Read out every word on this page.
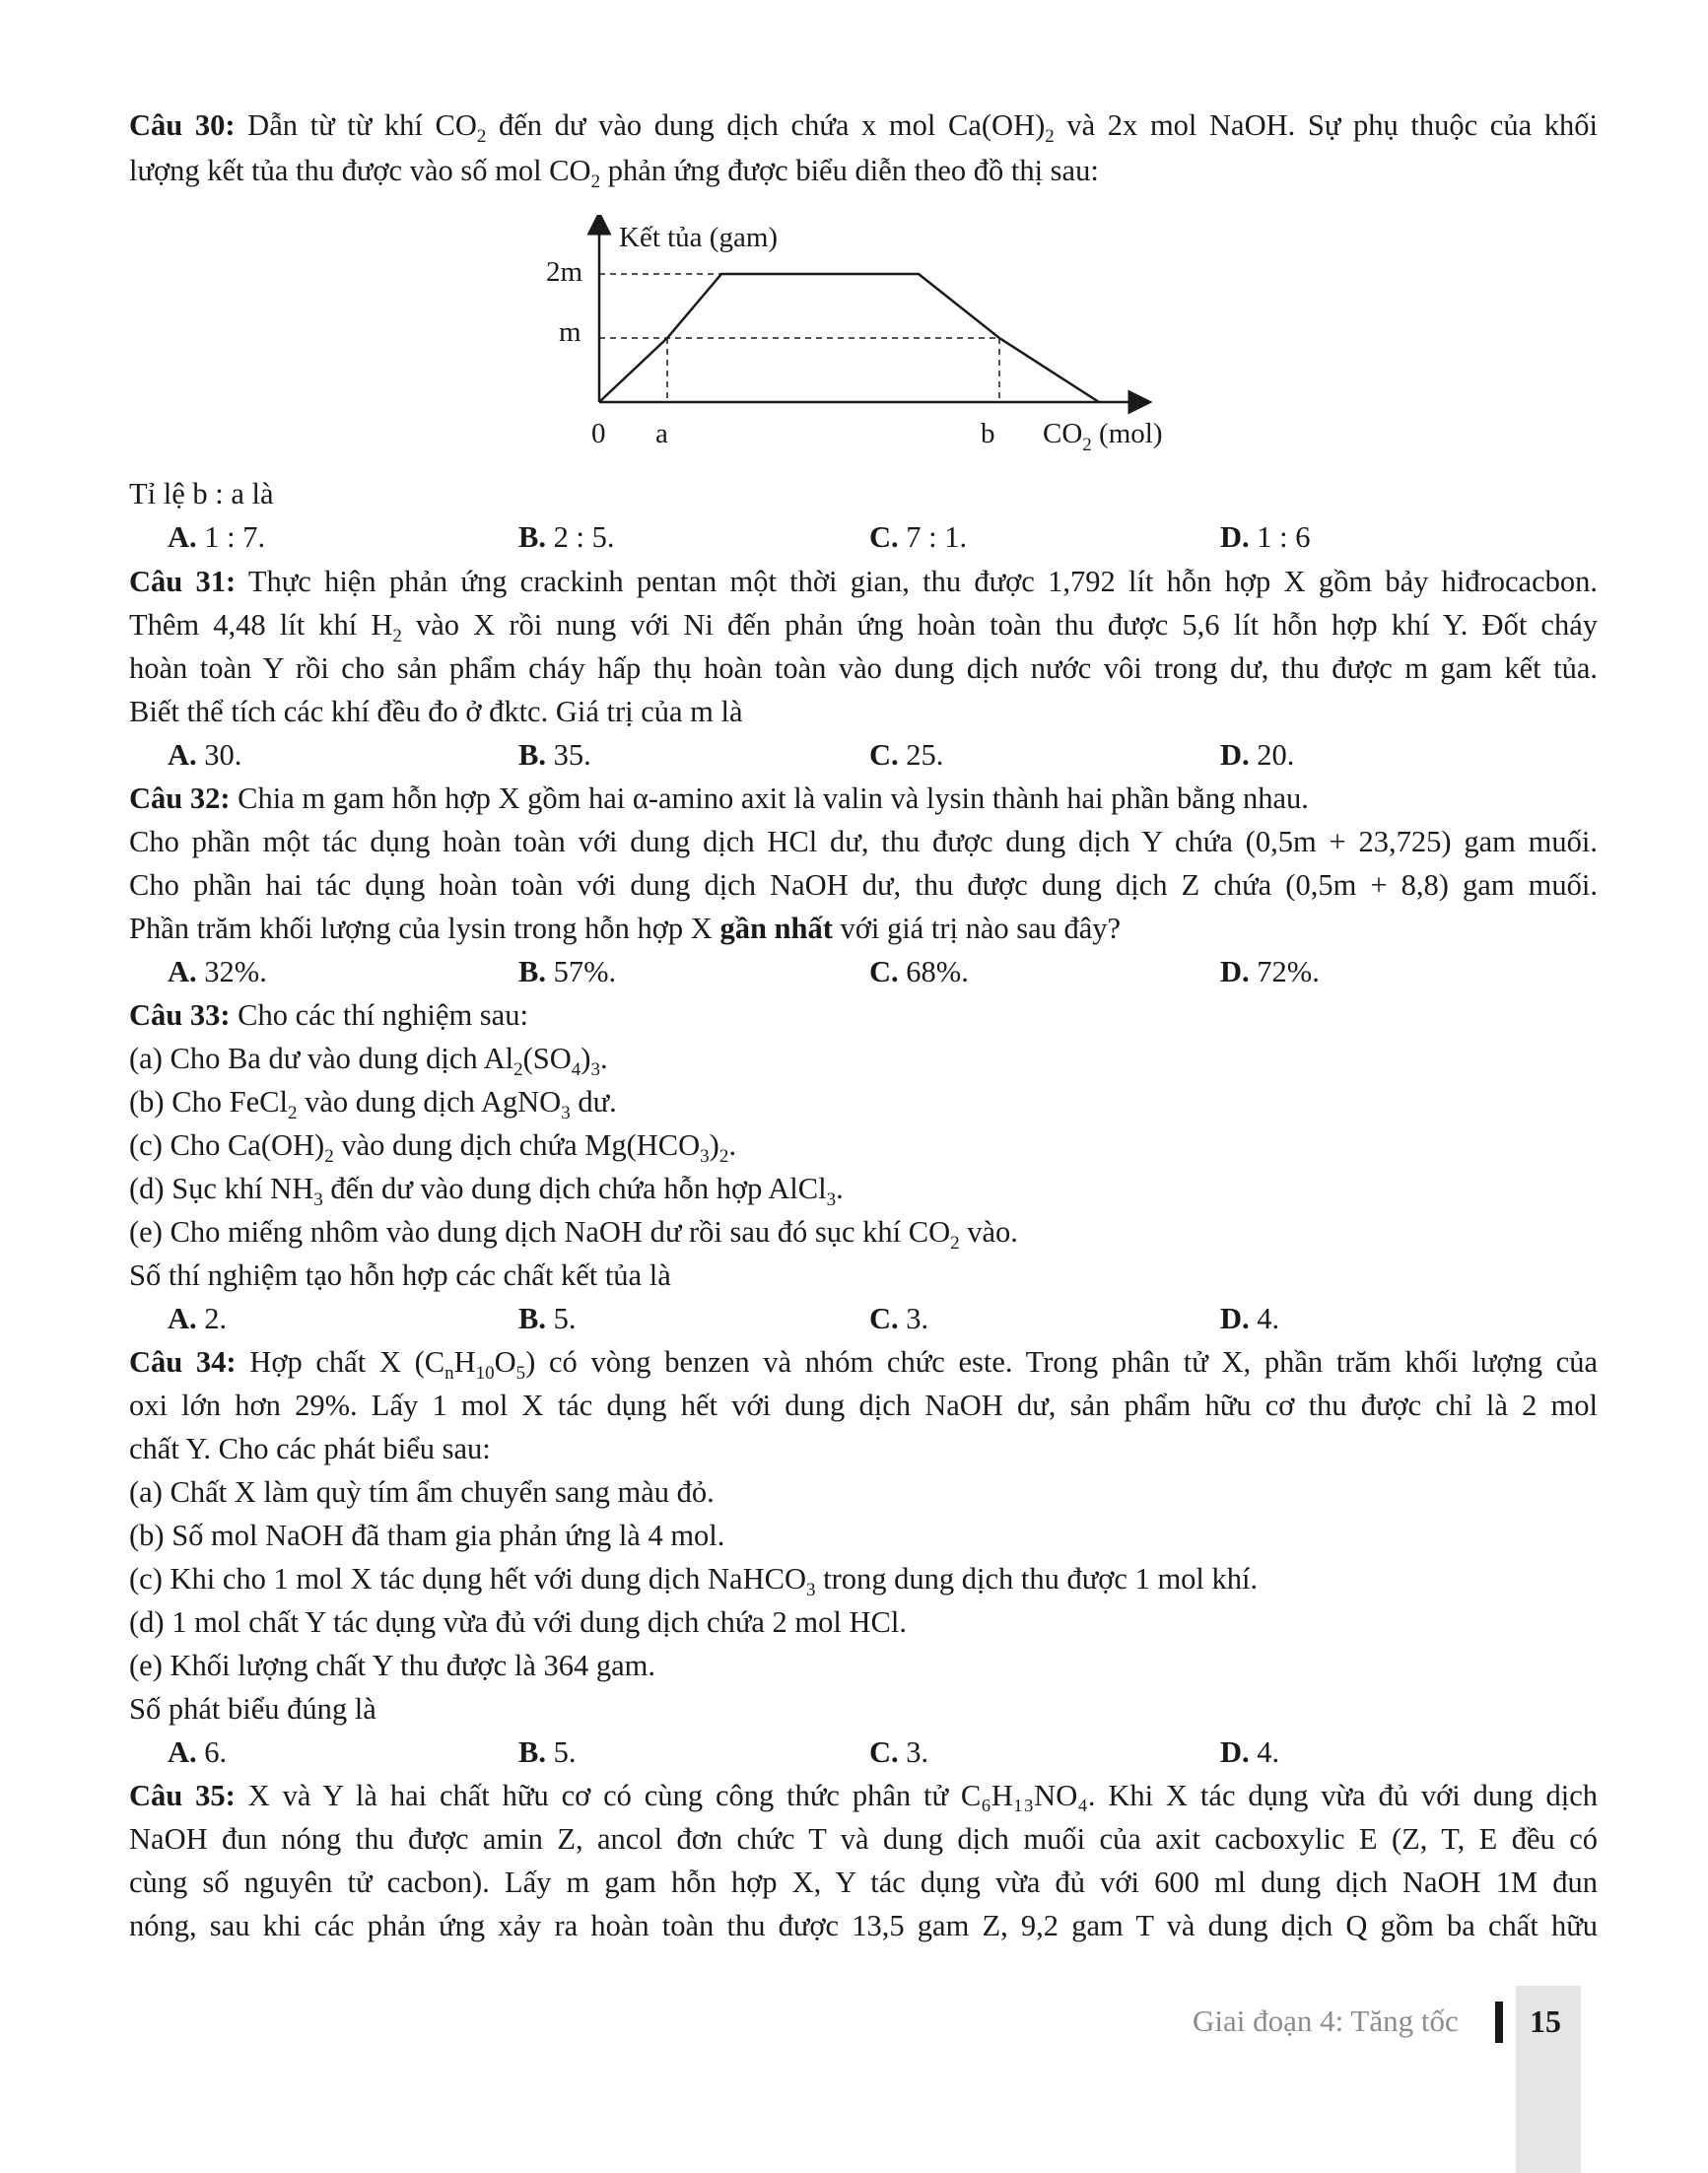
Câu 30: Dẫn từ từ khí $CO_2$ đến dư vào dung dịch chứa x mol $Ca(OH)_2$ và 2x mol NaOH. Sự phụ thuộc của khối
lượng kết tủa thu được vào số mol $CO_2$ phản ứng được biểu diễn theo đồ thị sau:
Kết tủa (gam)
2m
m
0 a	b $CO_2$ (mol)
Tỉ lệ b : a là
A. 1 : 7.	B. 2 : 5.	C. 7 : 1.	D. 1 : 6
Câu 31: Thực hiện phản ứng crackinh pentan một thời gian, thu được 1,792 lít hỗn hợp X gồm bảy hiđrocacbon.
Thêm 4,48 lít khí $H_2$ vào X rồi nung với Ni đến phản ứng hoàn toàn thu được 5,6 lít hỗn hợp khí Y. Đốt cháy
hoàn toàn Y rồi cho sản phẩm cháy hấp thụ hoàn toàn vào dung dịch nước vôi trong dư, thu được m gam kết tủa.
Biết thể tích các khí đều đo ở đktc. Giá trị của m là
A. 30.	B. 35.	C. 25.	D. 20.
Câu 32: Chia m gam hỗn hợp X gồm hai α-amino axit là valin và lysin thành hai phần bằng nhau.
Cho phần một tác dụng hoàn toàn với dung dịch HCl dư, thu được dung dịch Y chứa (0,5m + 23,725) gam muối.
Cho phần hai tác dụng hoàn toàn với dung dịch NaOH dư, thu được dung dịch Z chứa (0,5m + 8,8) gam muối.
Phần trăm khối lượng của lysin trong hỗn hợp X gần nhất với giá trị nào sau đây?
A. 32%.	B. 57%.	C. 68%.	D. 72%.
Câu 33: Cho các thí nghiệm sau:
(a) Cho Ba dư vào dung dịch $Al_2(SO_4)_3$.
(b) Cho FeCl$_2$ vào dung dịch AgNO$_3$ dư.
(c) Cho $Ca(OH)_2$ vào dung dịch chứa $Mg(HCO_3)_2$.
(d) Sục khí $NH_3$ đến dư vào dung dịch chứa hỗn hợp AlCl$_3$.
(e) Cho miếng nhôm vào dung dịch NaOH dư rồi sau đó sục khí $CO_2$ vào.
Số thí nghiệm tạo hỗn hợp các chất kết tủa là
A. 2.	B. 5.	C. 3.	D. 4.
Câu 34: Hợp chất X $(C_nH_{10}O_5)$ có vòng benzen và nhóm chức este. Trong phân tử X, phần trăm khối lượng của
oxi lớn hơn 29%. Lấy 1 mol X tác dụng hết với dung dịch NaOH dư, sản phẩm hữu cơ thu được chỉ là 2 mol
chất Y. Cho các phát biểu sau:
(a) Chất X làm quỳ tím ẩm chuyển sang màu đỏ.
(b) Số mol NaOH đã tham gia phản ứng là 4 mol.
(c) Khi cho 1 mol X tác dụng hết với dung dịch NaHCO$_3$ trong dung dịch thu được 1 mol khí.
(d) 1 mol chất Y tác dụng vừa đủ với dung dịch chứa 2 mol HCl.
(e) Khối lượng chất Y thu được là 364 gam.
Số phát biểu đúng là
A. 6.	B. 5.	C. 3.	D. 4.
Câu 35: X và Y là hai chất hữu cơ có cùng công thức phân tử C₆H₁₃NO₄. Khi X tác dụng vừa đủ với dung dịch
NaOH đun nóng thu được amin Z, ancol đơn chức T và dung dịch muối của axit cacboxylic E (Z, T, E đều có
cùng số nguyên tử cacbon). Lấy m gam hỗn hợp X, Y tác dụng vừa đủ với 600 ml dung dịch NaOH 1M đun
nóng, sau khi các phản ứng xảy ra hoàn toàn thu được 13,5 gam Z, 9,2 gam T và dung dịch Q gồm ba chất hữu
Giai đoạn 4: Tăng tốc 15
